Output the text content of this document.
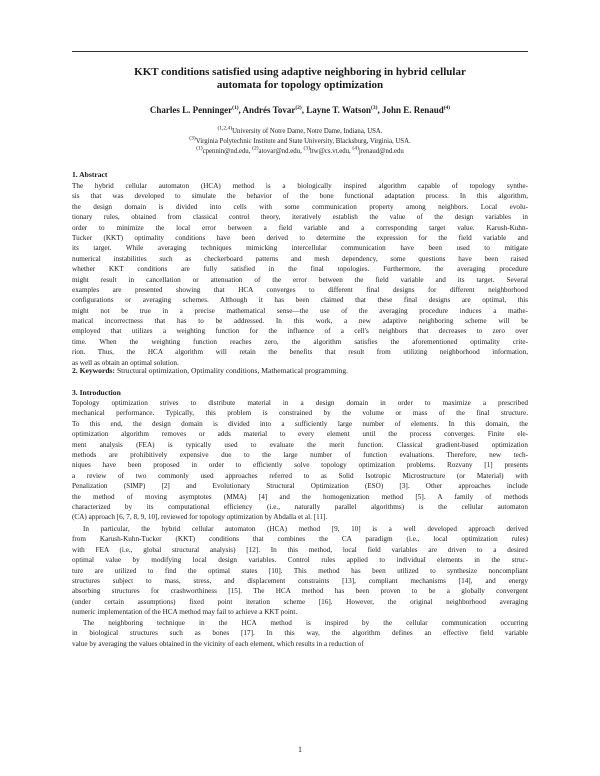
KKT conditions satisfied using adaptive neighboring in hybrid cellular
automata for topology optimization
Charles L. Penninger$^{(1)}$, Andrés Tovar$^{(2)}$, Layne T. Watson$^{(3)}$, John E. Renaud$^{(4)}$
$^{(1,2,4)}$University of Notre Dame, Notre Dame, Indiana, USA.
$^{(3)}$Virginia Polytechnic Institute and State University, Blacksburg, Virginia, USA.
$^{(1)}$cpennin@nd.edu, $^{(2)}$atovar@nd.edu, $^{(3)}$ltw@cs.vt.edu, $^{(4)}$jrenaud@nd.edu
1. Abstract
The hybrid cellular automaton (HCA) method is a biologically inspired algorithm capable of topology synthe-
sis that was developed to simulate the behavior of the bone functional adaptation process. In this algorithm,
the design domain is divided into cells with some communication property among neighbors. Local evolu-
tionary rules, obtained from classical control theory, iteratively establish the value of the design variables in
order to minimize the local error between a field variable and a corresponding target value. Karush-Kuhn-
Tucker (KKT) optimality conditions have been derived to determine the expression for the field variable and
its target. While averaging techniques mimicking intercellular communication have been used to mitigate
numerical instabilities such as checkerboard patterns and mesh dependency, some questions have been raised
whether KKT conditions are fully satisfied in the final topologies. Furthermore, the averaging procedure
might result in cancellation or attenuation of the error between the field variable and its target. Several
examples are presented showing that HCA converges to different final designs for different neighborhood
configurations or averaging schemes. Although it has been claimed that these final designs are optimal, this
might not be true in a precise mathematical sense—the use of the averaging procedure induces a mathe-
matical incorrectness that has to be addressed. In this work, a new adaptive neighboring scheme will be
employed that utilizes a weighting function for the influence of a cell's neighbors that decreases to zero over
time. When the weighting function reaches zero, the algorithm satisfies the aforementioned optimality crite-
rion. Thus, the HCA algorithm will retain the benefits that result from utilizing neighborhood information,
as well as obtain an optimal solution.
2. Keywords: Structural optimization, Optimality conditions, Mathematical programming.
3. Introduction
Topology optimization strives to distribute material in a design domain in order to maximize a prescribed
mechanical performance. Typically, this problem is constrained by the volume or mass of the final structure.
To this end, the design domain is divided into a sufficiently large number of elements. In this domain, the
optimization algorithm removes or adds material to every element until the process converges. Finite ele-
ment analysis (FEA) is typically used to evaluate the merit function. Classical gradient-based optimization
methods are prohibitively expensive due to the large number of function evaluations. Therefore, new tech-
niques have been proposed in order to efficiently solve topology optimization problems. Rozvany [1] presents
a review of two commonly used approaches referred to as Solid Isotropic Microstructure (or Material) with
Penalization (SIMP) [2] and Evolutionary Structural Optimization (ESO) [3]. Other approaches include
the method of moving asymptotes (MMA) [4] and the homogenization method [5]. A family of methods
characterized by its computational efficiency (i.e., naturally parallel algorithms) is the cellular automaton
(CA) approach [6, 7, 8, 9, 10], reviewed for topology optimization by Abdalla et al. [11].
In particular, the hybrid cellular automaton (HCA) method [9, 10] is a well developed approach derived
from Karush-Kuhn-Tucker (KKT) conditions that combines the CA paradigm (i.e., local optimization rules)
with FEA (i.e., global structural analysis) [12]. In this method, local field variables are driven to a desired
optimal value by modifying local design variables. Control rules applied to individual elements in the struc-
ture are utilized to find the optimal states [10]. This method has been utilized to synthesize noncompliant
structures subject to mass, stress, and displacement constraints [13], compliant mechanisms [14], and energy
absorbing structures for crashworthiness [15]. The HCA method has been proven to be a globally convergent
(under certain assumptions) fixed point iteration scheme [16]. However, the original neighborhood averaging
numeric implementation of the HCA method may fail to achieve a KKT point.
The neighboring technique in the HCA method is inspired by the cellular communication occurring
in biological structures such as bones [17]. In this way, the algorithm defines an effective field variable
value by averaging the values obtained in the vicinity of each element, which results in a reduction of
1
